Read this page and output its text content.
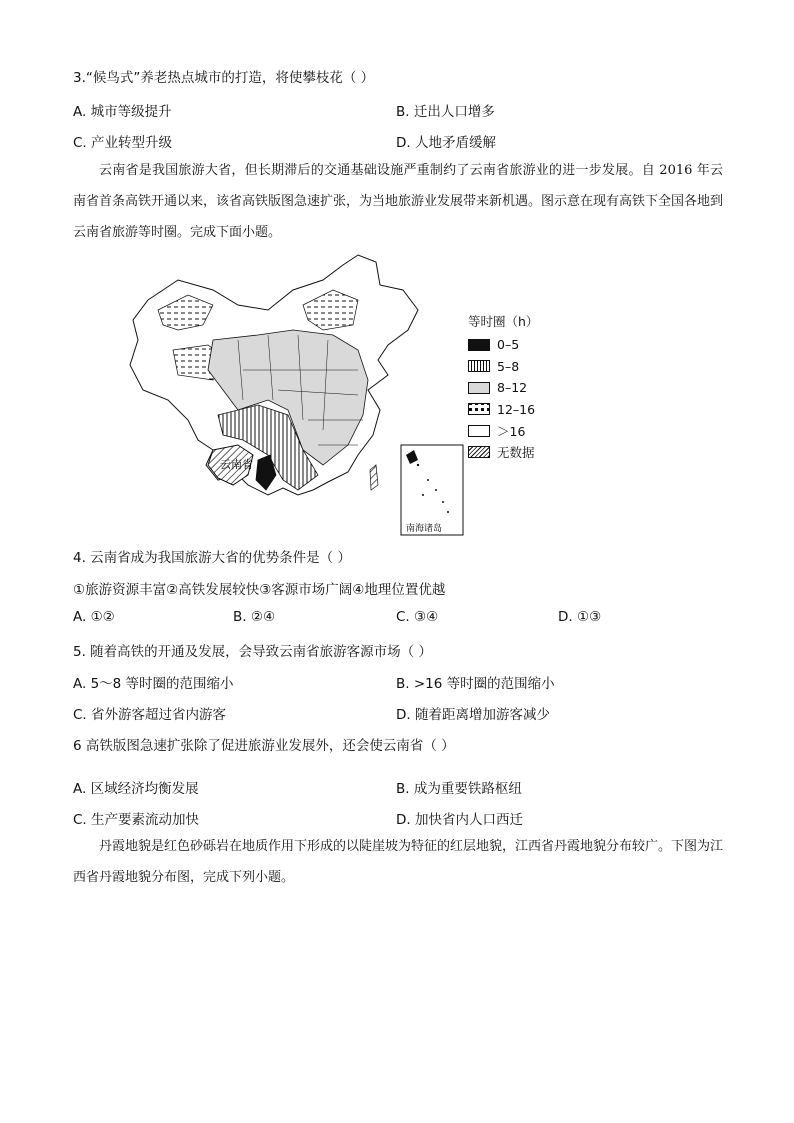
3.“候鸟式”养老热点城市的打造，将使攀枝花（ ）
A. 城市等级提升	B. 迁出人口增多
C. 产业转型升级	D. 人地矛盾缓解

云南省是我国旅游大省，但长期滞后的交通基础设施严重制约了云南省旅游业的进一步发展。自 2016 年云南省首条高铁开通以来，该省高铁版图急速扩张，为当地旅游业发展带来新机遇。图示意在现有高铁下全国各地到云南省旅游等时圈。完成下面小题。

云南省
南海诸岛
等时圈（h）
0–5
5–8
8–12
12–16
＞16
无数据
4. 云南省成为我国旅游大省的优势条件是（ ）
①旅游资源丰富②高铁发展较快③客源市场广阔④地理位置优越
A. ①②	B. ②④	C. ③④	D. ①③
5. 随着高铁的开通及发展，会导致云南省旅游客源市场（ ）
A. 5～8 等时圈的范围缩小	B. >16 等时圈的范围缩小
C. 省外游客超过省内游客	D. 随着距离增加游客减少
6 高铁版图急速扩张除了促进旅游业发展外，还会使云南省（ ）
A. 区域经济均衡发展	B. 成为重要铁路枢纽
C. 生产要素流动加快	D. 加快省内人口西迁

丹霞地貌是红色砂砾岩在地质作用下形成的以陡崖坡为特征的红层地貌，江西省丹霞地貌分布较广。下图为江西省丹霞地貌分布图，完成下列小题。
